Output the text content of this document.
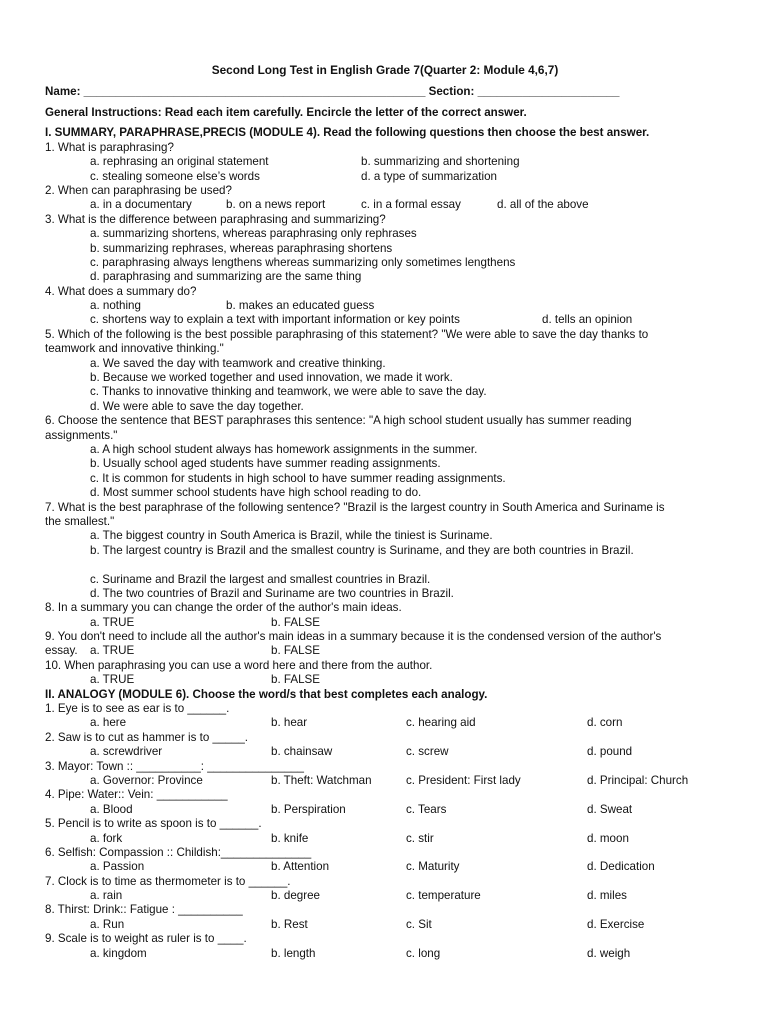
Second Long Test in English Grade 7(Quarter 2: Module 4,6,7)
Name: _____________________________________________________ Section: ______________________
General Instructions: Read each item carefully. Encircle the letter of the correct answer.
I. SUMMARY, PARAPHRASE,PRECIS (MODULE 4). Read the following questions then choose the best answer.
1. What is paraphrasing?
a. rephrasing an original statement	b. summarizing and shortening
c. stealing someone else’s words	d. a type of summarization
2. When can paraphrasing be used?
a. in a documentary	b. on a news report	c. in a formal essay	d. all of the above
3. What is the difference between paraphrasing and summarizing?
a. summarizing shortens, whereas paraphrasing only rephrases
b. summarizing rephrases, whereas paraphrasing shortens
c. paraphrasing always lengthens whereas summarizing only sometimes lengthens
d. paraphrasing and summarizing are the same thing
4. What does a summary do?
a. nothing	b. makes an educated guess
c. shortens way to explain a text with important information or key points	d. tells an opinion
5. Which of the following is the best possible paraphrasing of this statement? "We were able to save the day thanks to
teamwork and innovative thinking."
a. We saved the day with teamwork and creative thinking.
b. Because we worked together and used innovation, we made it work.
c. Thanks to innovative thinking and teamwork, we were able to save the day.
d. We were able to save the day together.
6. Choose the sentence that BEST paraphrases this sentence: "A high school student usually has summer reading
assignments."
a. A high school student always has homework assignments in the summer.
b. Usually school aged students have summer reading assignments.
c. It is common for students in high school to have summer reading assignments.
d. Most summer school students have high school reading to do.
7. What is the best paraphrase of the following sentence? "Brazil is the largest country in South America and Suriname is
the smallest."
a. The biggest country in South America is Brazil, while the tiniest is Suriname.
b. The largest country is Brazil and the smallest country is Suriname, and they are both countries in Brazil.
c. Suriname and Brazil the largest and smallest countries in Brazil.
d. The two countries of Brazil and Suriname are two countries in Brazil.
8. In a summary you can change the order of the author's main ideas.
a. TRUE	b. FALSE
9. You don't need to include all the author's main ideas in a summary because it is the condensed version of the author's
essay. a. TRUE	b. FALSE
10. When paraphrasing you can use a word here and there from the author.
a. TRUE	b. FALSE
II. ANALOGY (MODULE 6). Choose the word/s that best completes each analogy.
1. Eye is to see as ear is to ______.
a. here	b. hear	c. hearing aid	d. corn
2. Saw is to cut as hammer is to _____.
a. screwdriver	b. chainsaw	c. screw	d. pound
3. Mayor: Town :: __________: _______________
a. Governor: Province	b. Theft: Watchman	c. President: First lady	d. Principal: Church
4. Pipe: Water:: Vein: ___________
a. Blood	b. Perspiration	c. Tears	d. Sweat
5. Pencil is to write as spoon is to ______.
a. fork	b. knife	c. stir	d. moon
6. Selfish: Compassion :: Childish:______________
a. Passion	b. Attention	c. Maturity	d. Dedication
7. Clock is to time as thermometer is to ______.
a. rain	b. degree	c. temperature	d. miles
8. Thirst: Drink:: Fatigue : __________
a. Run	b. Rest	c. Sit	d. Exercise
9. Scale is to weight as ruler is to ____.
a. kingdom	b. length	c. long	d. weigh
